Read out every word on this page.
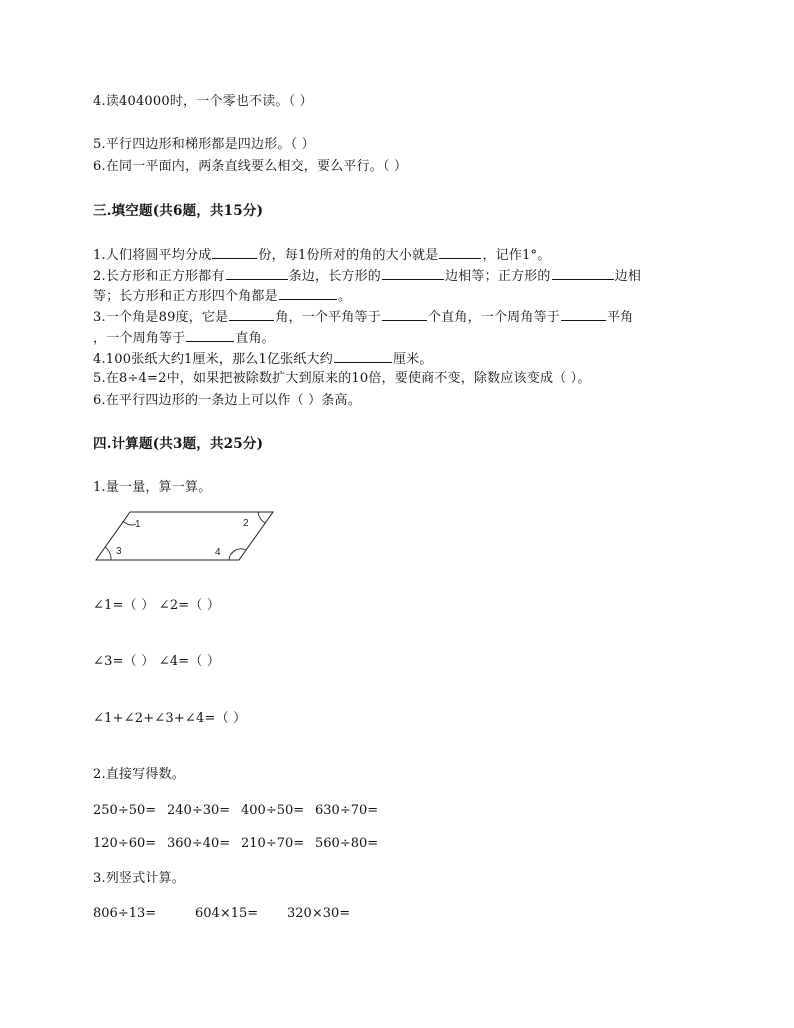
4.读404000时，一个零也不读。（ ）
5.平行四边形和梯形都是四边形。（ ）
6.在同一平面内，两条直线要么相交，要么平行。（ ）
三.填空题(共6题，共15分)
1.人们将圆平均分成	份，每1份所对的角的大小就是	，记作1°。
2.长方形和正方形都有	条边，长方形的	边相等；正方形的	边相
等；长方形和正方形四个角都是	。
3.一个角是89度，它是	角，一个平角等于	个直角，一个周角等于	平角
，一个周角等于	直角。
4.100张纸大约1厘米，那么1亿张纸大约	厘米。
5.在8÷4=2中，如果把被除数扩大到原来的10倍，要使商不变，除数应该变成（ ）。
6.在平行四边形的一条边上可以作（ ）条高。
四.计算题(共3题，共25分)
1.量一量，算一算。
1	2
3	4
∠1=（ ） ∠2=（ ）
∠3=（ ） ∠4=（ ）
∠1+∠2+∠3+∠4=（ ）
2.直接写得数。
250÷50= 240÷30= 400÷50= 630÷70=
120÷60= 360÷40= 210÷70= 560÷80=
3.列竖式计算。
806÷13=	604×15= 320×30=
